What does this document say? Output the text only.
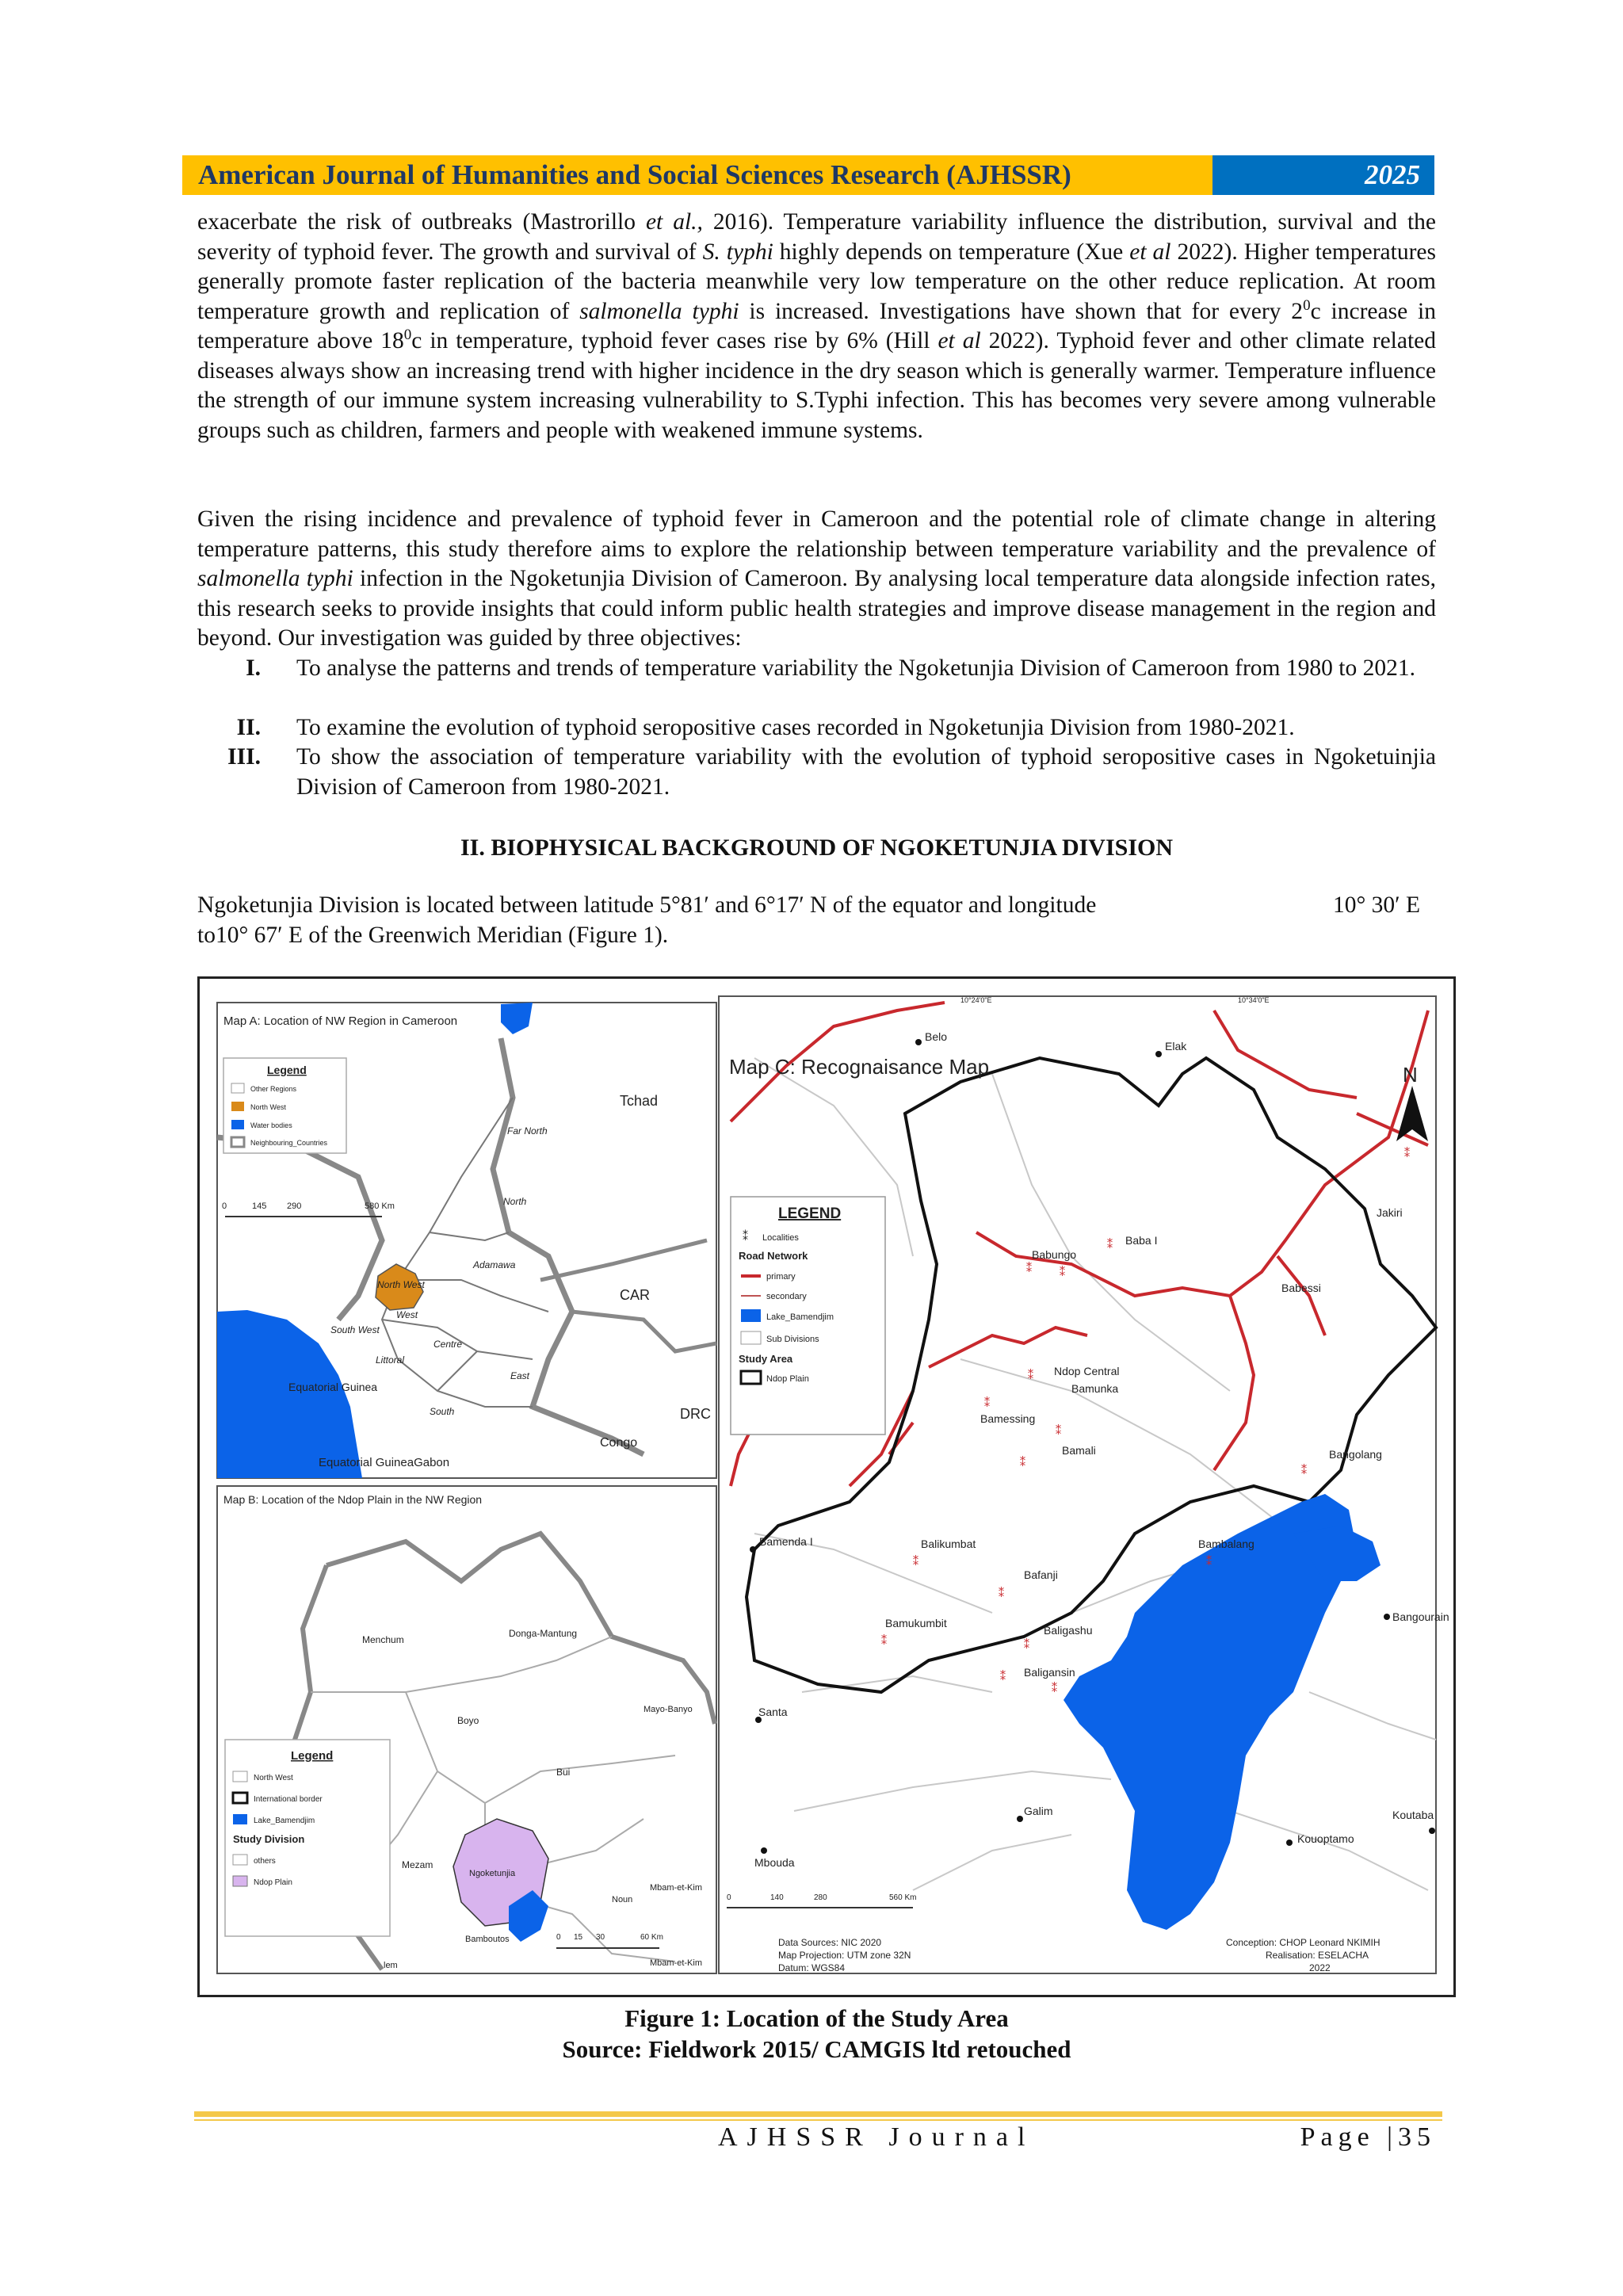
American Journal of Humanities and Social Sciences Research (AJHSSR)	2025

exacerbate the risk of outbreaks (Mastrorillo et al., 2016). Temperature variability influence the distribution, survival and the severity of typhoid fever. The growth and survival of S. typhi highly depends on temperature (Xue et al 2022). Higher temperatures generally promote faster replication of the bacteria meanwhile very low temperature on the other reduce replication. At room temperature growth and replication of salmonella typhi is increased. Investigations have shown that for every $2^0c$ increase in temperature above $18^0c$ in temperature, typhoid fever cases rise by 6% (Hill et al 2022). Typhoid fever and other climate related diseases always show an increasing trend with higher incidence in the dry season which is generally warmer. Temperature influence the strength of our immune system increasing vulnerability to S.Typhi infection. This has becomes very severe among vulnerable groups such as children, farmers and people with weakened immune systems.

Given the rising incidence and prevalence of typhoid fever in Cameroon and the potential role of climate change in altering temperature patterns, this study therefore aims to explore the relationship between temperature variability and the prevalence of salmonella typhi infection in the Ngoketunjia Division of Cameroon. By analysing local temperature data alongside infection rates, this research seeks to provide insights that could inform public health strategies and improve disease management in the region and beyond. Our investigation was guided by three objectives:

I. To analyse the patterns and trends of temperature variability the Ngoketunjia Division of Cameroon from 1980 to 2021.
II. To examine the evolution of typhoid seropositive cases recorded in Ngoketunjia Division from 1980-2021.
III. To show the association of temperature variability with the evolution of typhoid seropositive cases in Ngoketuinjia Division of Cameroon from 1980-2021.
II. BIOPHYSICAL BACKGROUND OF NGOKETUNJIA DIVISION
Ngoketunjia Division is located between latitude 5°81′ and 6°17′ N of the equator and longitude	10° 30′ E
to10° 67′ E of the Greenwich Meridian (Figure 1).
Map A: Location of NW Region in Cameroon
Legend
Other Regions
North West
Water bodies
Neighbouring_Countries
0	145 290	580 Km
Tchad
Far North
North
Adamawa
CAR
North West
West
South West
Centre
Littoral
East
Equatorial Guinea
South	DRC
Congo
Equatorial GuineaGabon
Map B: Location of the Ndop Plain in the NW Region
Legend
North West
International border
Lake_Bamendjim
Study Division
others
Ndop Plain
0 15 30	60 Km
Menchum
Donga-Mantung
Boyo
Mayo-Banyo
Bui
Mezam
Ngoketunjia
Noun
Mbam-et-Kim
Mbam-et-Kim
Bamboutos
lem
Map C: Recognaisance Map
10°24'0"E	10°34'0"E
N
LEGEND
⁑ Localities
Road Network
primary
secondary
Lake_Bamendjim
Sub Divisions
Study Area
Ndop Plain
Belo
Elak
Jakiri
Baba I
Babungo
Babessi
Ndop Central
Bamunka
Bamessing
Bamali	Bangolang
Bamenda I	Balikumbat
Bafanji
Bambalang
Bamukumbit
Baligashu
Bangourain
Baligansin
Santa
Galim
Kouoptamo
Koutaba
Mbouda
⁑	⁑
⁑
⁑
⁑
⁑
⁑
⁑
⁑
⁑
⁑
⁑	⁑
⁑
⁑
⁑
0	140	280	560 Km
Data Sources: NIC 2020
Map Projection: UTM zone 32N
Datum: WGS84
Conception: CHOP Leonard NKIMIH
Realisation: ESELACHA
2022
Figure 1: Location of the Study Area
Source: Fieldwork 2015/ CAMGIS ltd retouched
AJHSSR Journal	Page |35
